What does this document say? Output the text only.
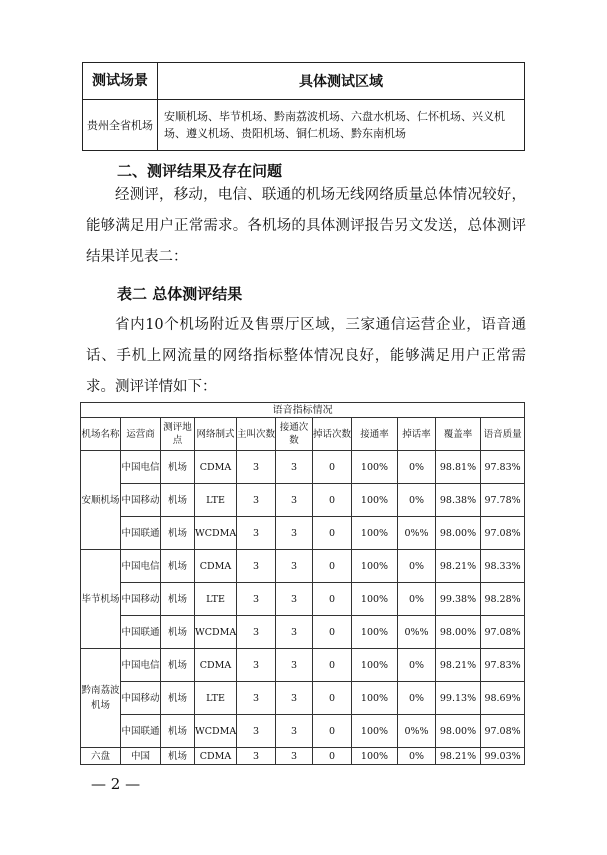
测试场景	具体测试区域
贵州全省机场	安顺机场、毕节机场、黔南荔波机场、六盘水机场、仁怀机场、兴义机场、遵义机场、贵阳机场、铜仁机场、黔东南机场
二、测评结果及存在问题

经测评，移动，电信、联通的机场无线网络质量总体情况较好，能够满足用户正常需求。各机场的具体测评报告另文发送，总体测评结果详见表二：

表二 总体测评结果

省内10个机场附近及售票厅区域，三家通信运营企业，语音通话、手机上网流量的网络指标整体情况良好，能够满足用户正常需求。测评详情如下：

语音指标情况										
机场名称	运营商	测评地点	网络制式	主叫次数	接通次数	掉话次数	接通率	掉话率	覆盖率	语音质量
安顺机场	中国电信	机场	CDMA	3	3	0	100%	0%	98.81%	97.83%
	中国移动	机场	LTE	3	3	0	100%	0%	98.38%	97.78%
	中国联通	机场	WCDMA	3	3	0	100%	0%%	98.00%	97.08%
毕节机场	中国电信	机场	CDMA	3	3	0	100%	0%	98.21%	98.33%
	中国移动	机场	LTE	3	3	0	100%	0%	99.38%	98.28%
	中国联通	机场	WCDMA	3	3	0	100%	0%%	98.00%	97.08%
黔南荔波机场	中国电信	机场	CDMA	3	3	0	100%	0%	98.21%	97.83%
	中国移动	机场	LTE	3	3	0	100%	0%	99.13%	98.69%
	中国联通	机场	WCDMA	3	3	0	100%	0%%	98.00%	97.08%
六盘	中国	机场	CDMA	3	3	0	100%	0%	98.21%	99.03%
— 2 —
